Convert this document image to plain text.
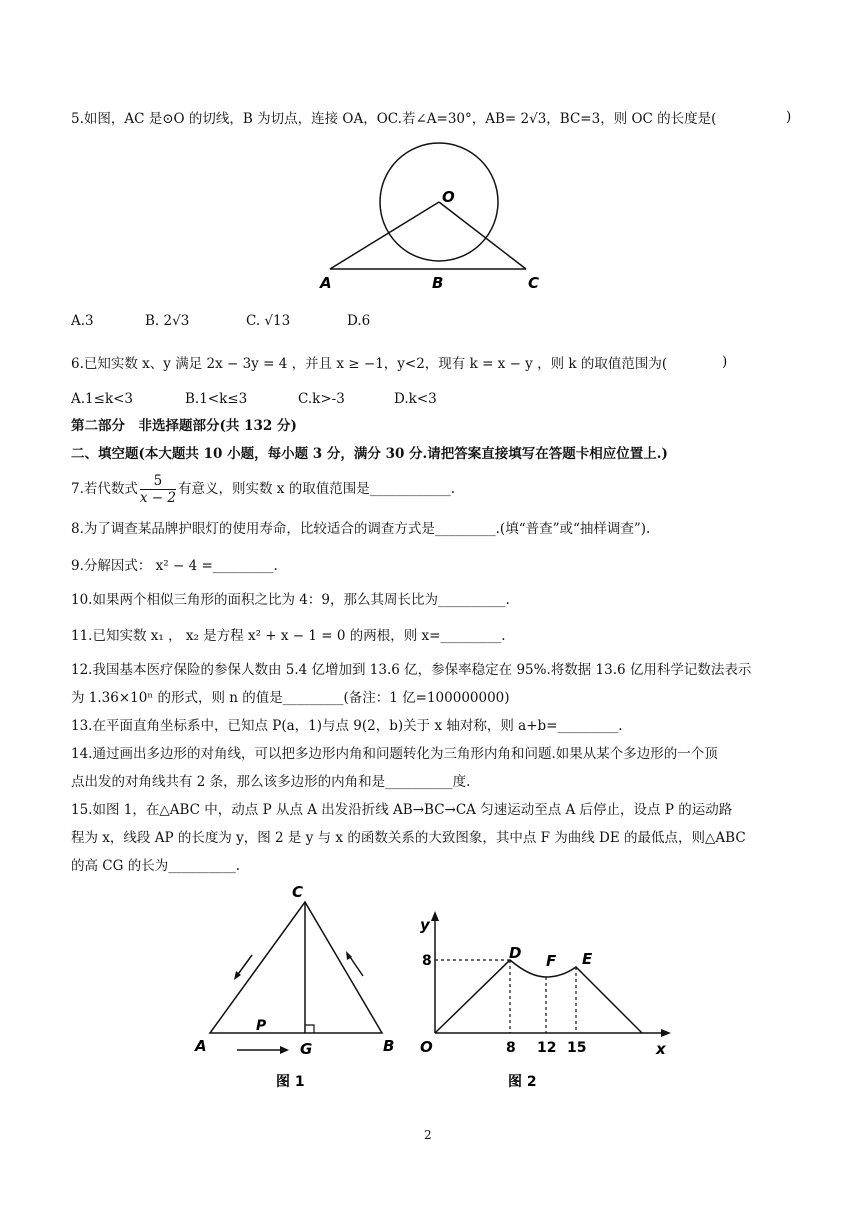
5.如图，AC 是⊙O 的切线，B 为切点，连接 OA，OC.若∠A=30°，AB= 2√3，BC=3，则 OC 的长度是(	)
O
A	B	C
A.3	B. 2√3	C. √13	D.6
6.已知实数 x、y 满足 2x − 3y = 4 ，并且 x ≥ −1，y<2，现有 k = x − y ，则 k 的取值范围为(	)
A.1≤k<3	B.1<k≤3	C.k>-3	D.k<3
第二部分　非选择题部分(共 132 分)
二、填空题(本大题共 10 小题，每小题 3 分，满分 30 分.请把答案直接填写在答题卡相应位置上.)
7.若代数式 $\frac{5}{x - 2}$ 有意义，则实数 x 的取值范围是____________.
8.为了调查某品牌护眼灯的使用寿命，比较适合的调查方式是_________.(填“普查”或“抽样调查”).
9.分解因式： x² − 4 =_________.
10.如果两个相似三角形的面积之比为 4：9，那么其周长比为__________.
11.已知实数 x₁ ， x₂ 是方程 x² + x − 1 = 0 的两根，则 x=_________.
12.我国基本医疗保险的参保人数由 5.4 亿增加到 13.6 亿，参保率稳定在 95%.将数据 13.6 亿用科学记数法表示
为 1.36×10ⁿ 的形式，则 n 的值是_________(备注：1 亿=100000000)
13.在平面直角坐标系中，已知点 P(a，1)与点 9(2，b)关于 x 轴对称，则 a+b=_________.
14.通过画出多边形的对角线，可以把多边形内角和问题转化为三角形内角和问题.如果从某个多边形的一个顶
点出发的对角线共有 2 条，那么该多边形的内角和是__________度.
15.如图 1，在△ABC 中，动点 P 从点 A 出发沿折线 AB→BC→CA 匀速运动至点 A 后停止，设点 P 的运动路
程为 x，线段 AP 的长度为 y，图 2 是 y 与 x 的函数关系的大致图象，其中点 F 为曲线 DE 的最低点，则△ABC
的高 CG 的长为__________.
C
A	B
G
P
图 1
y
x
O
D F E
8
8 12 15
图 2
2
